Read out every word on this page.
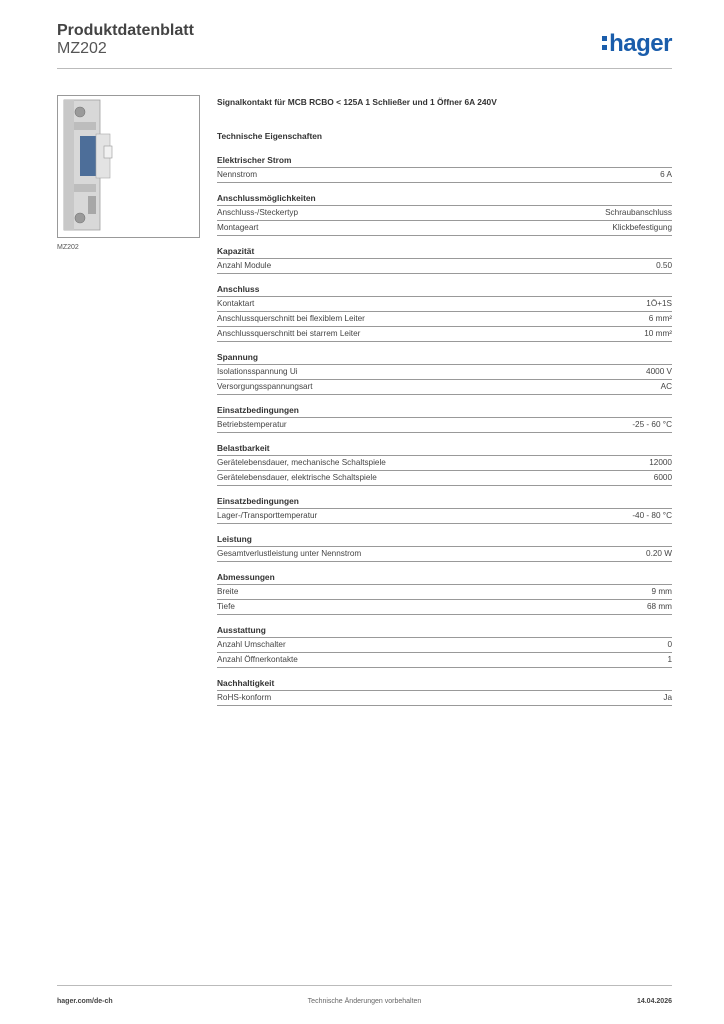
Produktdatenblatt
MZ202	hager
MZ202
Signalkontakt für MCB RCBO < 125A 1 Schließer und 1 Öffner 6A 240V
Technische Eigenschaften
Elektrischer Strom
Nennstrom	6 A
Anschlussmöglichkeiten
Anschluss-/Steckertyp	Schraubanschluss
Montageart	Klickbefestigung
Kapazität
Anzahl Module	0.50
Anschluss
Kontaktart	1Ö+1S
Anschlussquerschnitt bei flexiblem Leiter	6 mm²
Anschlussquerschnitt bei starrem Leiter	10 mm²
Spannung
Isolationsspannung Ui	4000 V
Versorgungsspannungsart	AC
Einsatzbedingungen
Betriebstemperatur	-25 - 60 °C
Belastbarkeit
Gerätelebensdauer, mechanische Schaltspiele	12000
Gerätelebensdauer, elektrische Schaltspiele	6000
Einsatzbedingungen
Lager-/Transporttemperatur	-40 - 80 °C
Leistung
Gesamtverlustleistung unter Nennstrom	0.20 W
Abmessungen
Breite	9 mm
Tiefe	68 mm
Ausstattung
Anzahl Umschalter	0
Anzahl Öffnerkontakte	1
Nachhaltigkeit
RoHS-konform	Ja
hager.com/de-ch	Technische Änderungen vorbehalten	14.04.2026
